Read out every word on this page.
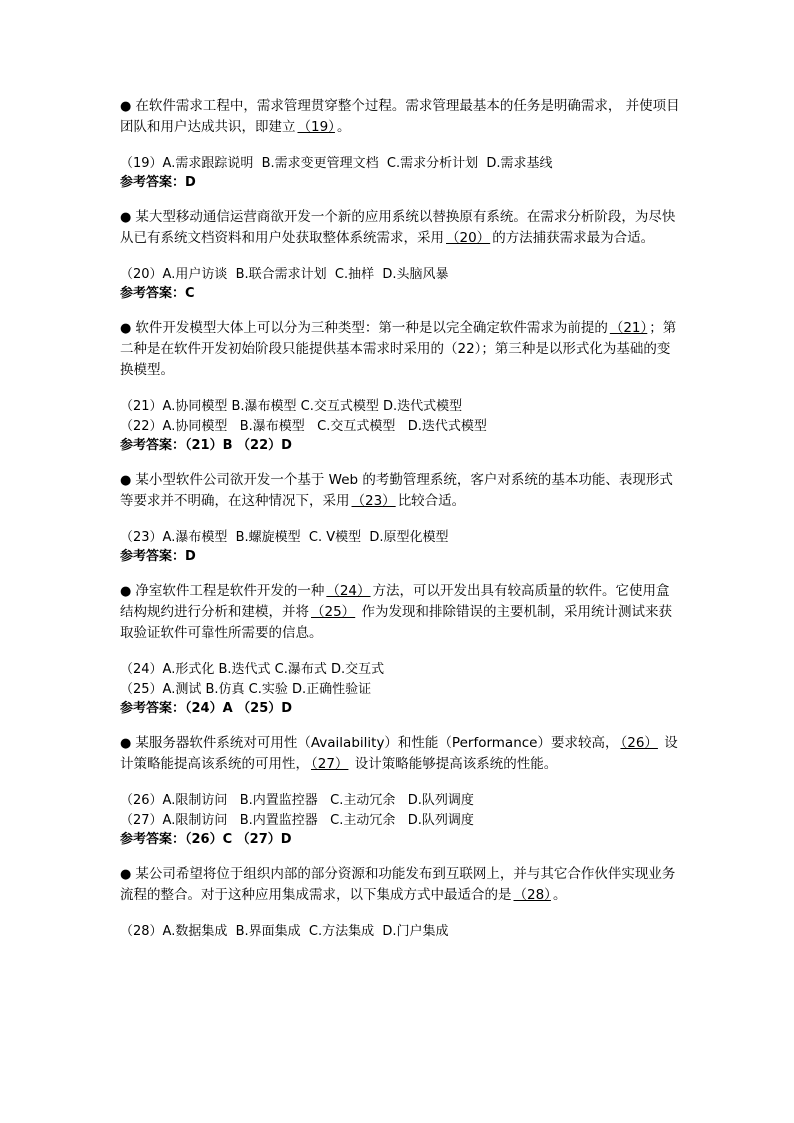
● 在软件需求工程中，需求管理贯穿整个过程。需求管理最基本的任务是明确需求， 并使项目团队和用户达成共识，即建立 （19） 。

（19）A.需求跟踪说明  B.需求变更管理文档  C.需求分析计划  D.需求基线

参考答案：D

● 某大型移动通信运营商欲开发一个新的应用系统以替换原有系统。在需求分析阶段，为尽快从已有系统文档资料和用户处获取整体系统需求，采用 （20） 的方法捕获需求最为合适。

（20）A.用户访谈  B.联合需求计划  C.抽样  D.头脑风暴

参考答案：C

● 软件开发模型大体上可以分为三种类型：第一种是以完全确定软件需求为前提的 （21） ；第二种是在软件开发初始阶段只能提供基本需求时采用的（22）；第三种是以形式化为基础的变换模型。

（21）A.协同模型 B.瀑布模型 C.交互式模型 D.迭代式模型

（22）A.协同模型   B.瀑布模型   C.交互式模型   D.迭代式模型

参考答案：（21）B （22）D

● 某小型软件公司欲开发一个基于 Web 的考勤管理系统，客户对系统的基本功能、表现形式等要求并不明确，在这种情况下，采用 （23） 比较合适。

（23）A.瀑布模型  B.螺旋模型  C. V模型  D.原型化模型

参考答案：D

● 净室软件工程是软件开发的一种 （24） 方法，可以开发出具有较高质量的软件。它使用盒结构规约进行分析和建模，并将 （25） 作为发现和排除错误的主要机制，采用统计测试来获取验证软件可靠性所需要的信息。

（24）A.形式化 B.迭代式 C.瀑布式 D.交互式

（25）A.测试 B.仿真 C.实验 D.正确性验证

参考答案：（24）A （25）D

● 某服务器软件系统对可用性（Availability）和性能（Performance）要求较高， （26） 设计策略能提高该系统的可用性， （27） 设计策略能够提高该系统的性能。

（26）A.限制访问   B.内置监控器   C.主动冗余   D.队列调度

（27）A.限制访问   B.内置监控器   C.主动冗余   D.队列调度

参考答案：（26）C （27）D

● 某公司希望将位于组织内部的部分资源和功能发布到互联网上，并与其它合作伙伴实现业务流程的整合。对于这种应用集成需求，以下集成方式中最适合的是 （28） 。

（28）A.数据集成  B.界面集成  C.方法集成  D.门户集成
